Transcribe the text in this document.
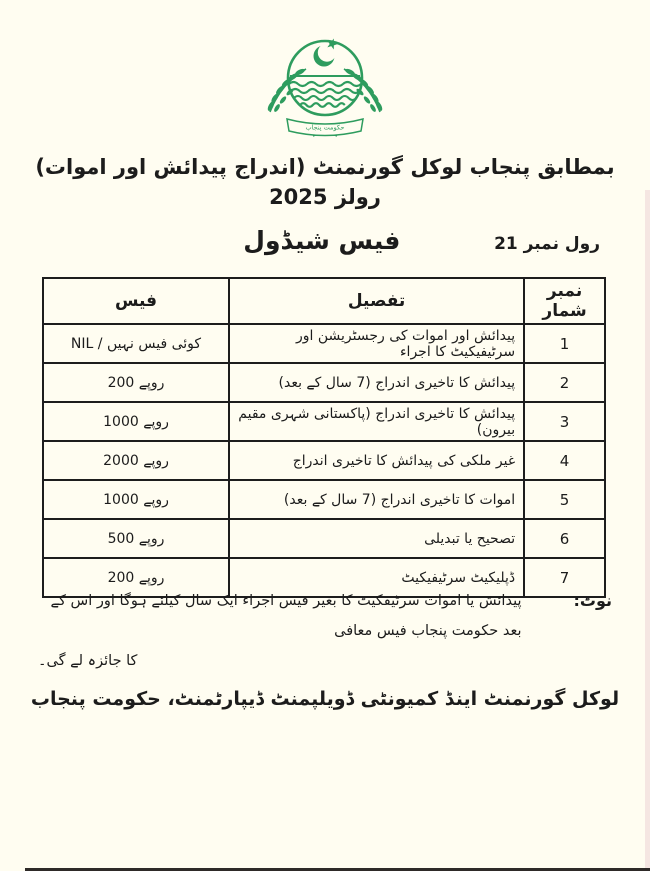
حکومت پنجاب
بمطابق پنجاب لوکل گورنمنٹ (اندراج پیدائش اور اموات) رولز 2025
رول نمبر 21
فیس شیڈول
نمبر شمار	تفصیل	فیس
1	پیدائش اور اموات کی رجسٹریشن اور سرٹیفیکیٹ کا اجراء	NIL / کوئی فیس نہیں
2	پیدائش کا تاخیری اندراج (7 سال کے بعد)	200 روپے
3	پیدائش کا تاخیری اندراج (پاکستانی شہری مقیم بیرون)	1000 روپے
4	غیر ملکی کی پیدائش کا تاخیری اندراج	2000 روپے
5	اموات کا تاخیری اندراج (7 سال کے بعد)	1000 روپے
6	تصحیح یا تبدیلی	500 روپے
7	ڈپلیکیٹ سرٹیفیکیٹ	200 روپے
نوٹ:
پیدائش یا اموات سرٹیفکیٹ کا بغیر فیس اجراء ایک سال کیلئے ہوگا اور اس کے بعد حکومت پنجاب فیس معافی
کا جائزہ لے گی۔
لوکل گورنمنٹ اینڈ کمیونٹی ڈویلپمنٹ ڈیپارٹمنٹ، حکومت پنجاب
